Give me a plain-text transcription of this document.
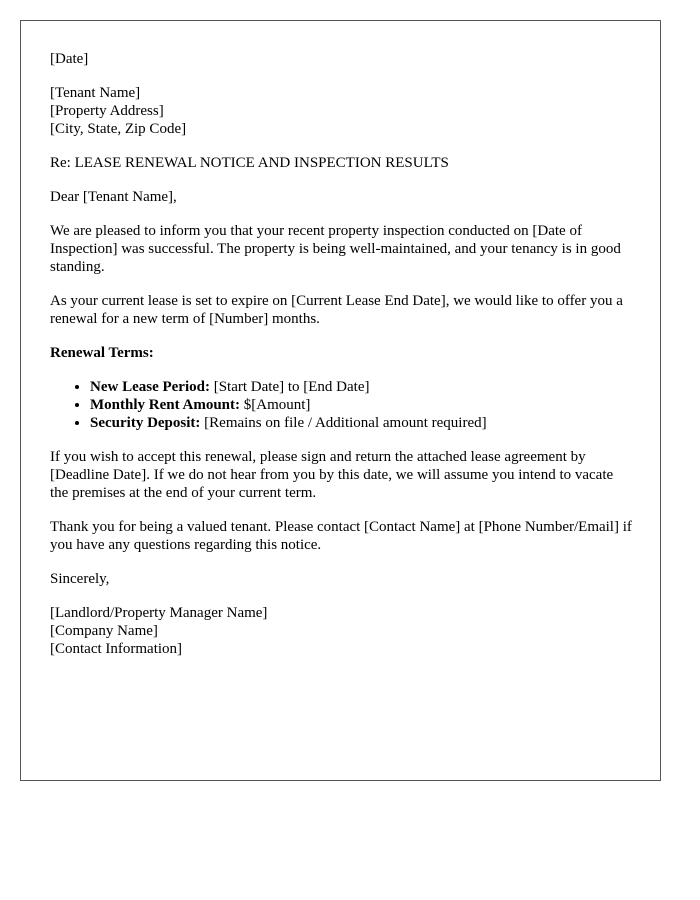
[Date]

[Tenant Name]
[Property Address]
[City, State, Zip Code]

Re: LEASE RENEWAL NOTICE AND INSPECTION RESULTS

Dear [Tenant Name],

We are pleased to inform you that your recent property inspection conducted on [Date of Inspection] was successful. The property is being well-maintained, and your tenancy is in good standing.

As your current lease is set to expire on [Current Lease End Date], we would like to offer you a renewal for a new term of [Number] months.

Renewal Terms:

• New Lease Period: [Start Date] to [End Date]
• Monthly Rent Amount: $[Amount]
• Security Deposit: [Remains on file / Additional amount required]

If you wish to accept this renewal, please sign and return the attached lease agreement by [Deadline Date]. If we do not hear from you by this date, we will assume you intend to vacate the premises at the end of your current term.

Thank you for being a valued tenant. Please contact [Contact Name] at [Phone Number/Email] if you have any questions regarding this notice.

Sincerely,

[Landlord/Property Manager Name]
[Company Name]
[Contact Information]
